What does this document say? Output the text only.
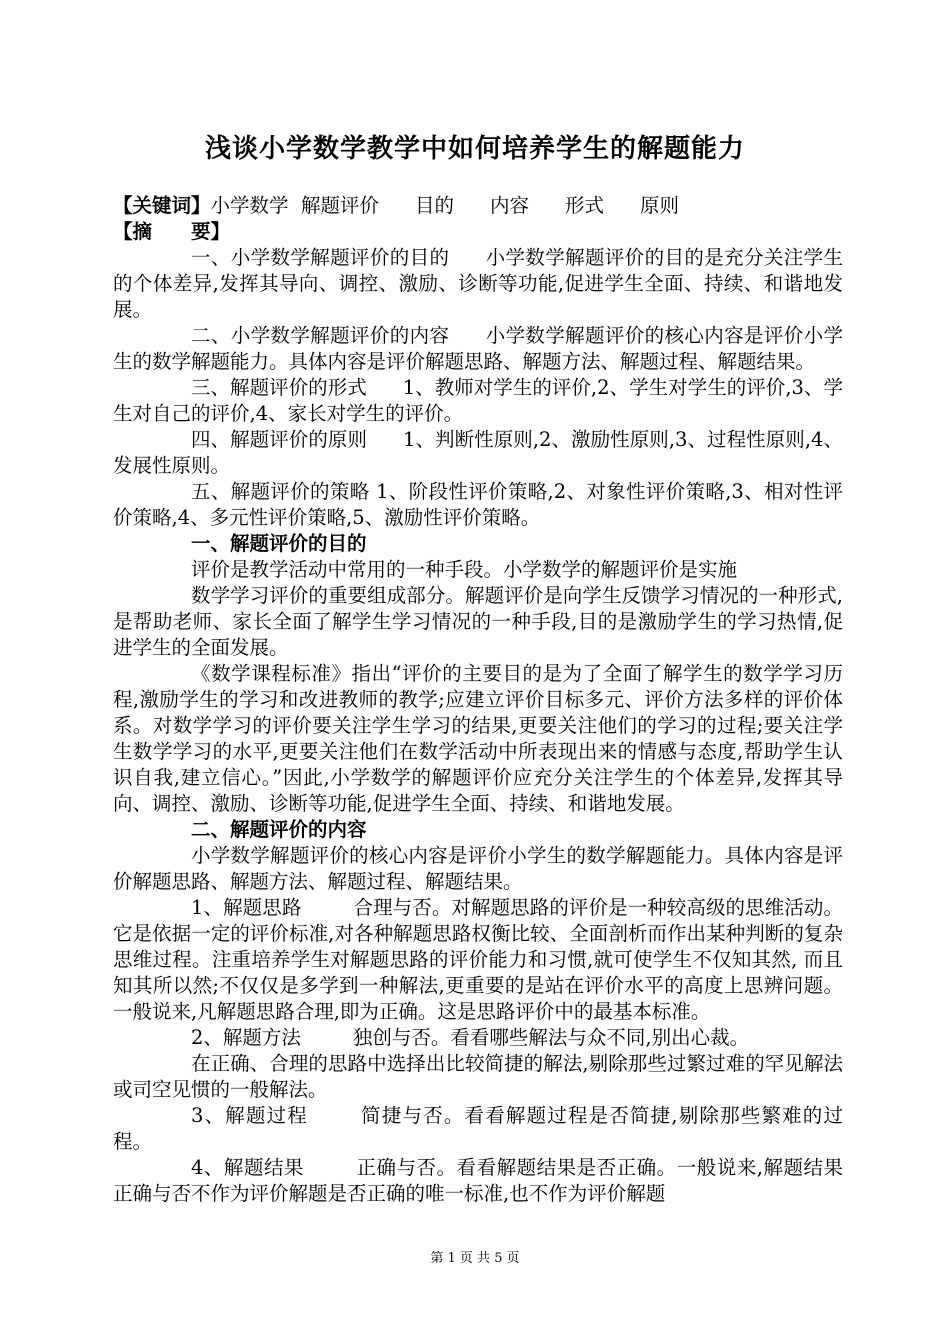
浅谈小学数学教学中如何培养学生的解题能力

【关键词】小学数学 解题评价 目的 内容 形式 原则

【摘　　要】

一、小学数学解题评价的目的 小学数学解题评价的目的是充分关注学生的个体差异,发挥其导向、调控、激励、诊断等功能,促进学生全面、持续、和谐地发展。

二、小学数学解题评价的内容 小学数学解题评价的核心内容是评价小学生的数学解题能力。具体内容是评价解题思路、解题方法、解题过程、解题结果。

三、解题评价的形式 1、教师对学生的评价,2、学生对学生的评价,3、学生对自己的评价,4、家长对学生的评价。

四、解题评价的原则 1、判断性原则,2、激励性原则,3、过程性原则,4、发展性原则。

五、解题评价的策略 1、阶段性评价策略,2、对象性评价策略,3、相对性评价策略,4、多元性评价策略,5、激励性评价策略。

一、解题评价的目的

评价是教学活动中常用的一种手段。小学数学的解题评价是实施

数学学习评价的重要组成部分。解题评价是向学生反馈学习情况的一种形式,是帮助老师、家长全面了解学生学习情况的一种手段,目的是激励学生的学习热情,促进学生的全面发展。

《数学课程标准》指出“评价的主要目的是为了全面了解学生的数学学习历程,激励学生的学习和改进教师的教学;应建立评价目标多元、评价方法多样的评价体系。对数学学习的评价要关注学生学习的结果,更要关注他们的学习的过程;要关注学生数学学习的水平,更要关注他们在数学活动中所表现出来的情感与态度,帮助学生认识自我,建立信心。”因此,小学数学的解题评价应充分关注学生的个体差异,发挥其导向、调控、激励、诊断等功能,促进学生全面、持续、和谐地发展。

二、解题评价的内容

小学数学解题评价的核心内容是评价小学生的数学解题能力。具体内容是评价解题思路、解题方法、解题过程、解题结果。

1、解题思路	合理与否。对解题思路的评价是一种较高级的思维活动。它是依据一定的评价标准,对各种解题思路权衡比较、全面剖析而作出某种判断的复杂思维过程。注重培养学生对解题思路的评价能力和习惯,就可使学生不仅知其然, 而且知其所以然;不仅仅是多学到一种解法,更重要的是站在评价水平的高度上思辨问题。一般说来,凡解题思路合理,即为正确。这是思路评价中的最基本标准。

2、解题方法	独创与否。看看哪些解法与众不同,别出心裁。

在正确、合理的思路中选择出比较简捷的解法,剔除那些过繁过难的罕见解法或司空见惯的一般解法。

3、解题过程	简捷与否。看看解题过程是否简捷,剔除那些繁难的过程。

4、解题结果	正确与否。看看解题结果是否正确。一般说来,解题结果正确与否不作为评价解题是否正确的唯一标准,也不作为评价解题

第 1 页 共 5 页
